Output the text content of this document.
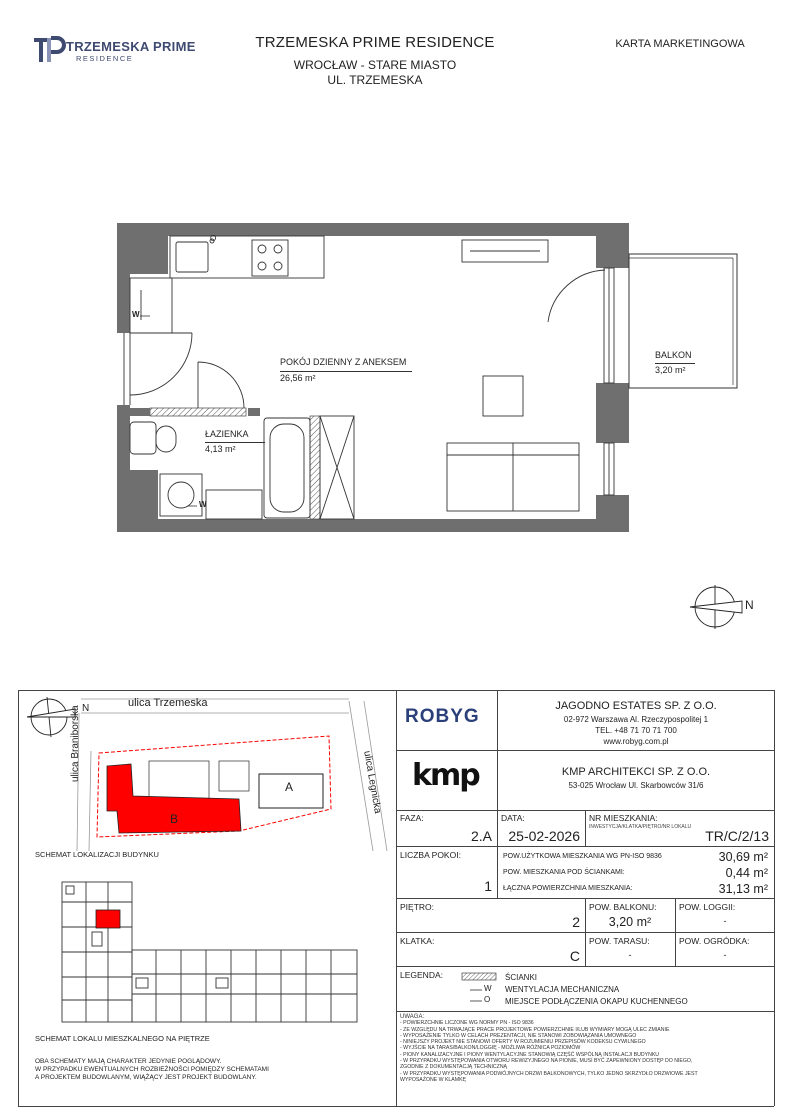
TRZEMESKA PRIME
RESIDENCE
TRZEMESKA PRIME RESIDENCE
WROCŁAW - STARE MIASTO
UL. TRZEMESKA
KARTA MARKETINGOWA
POKÓJ DZIENNY Z ANEKSEM
26,56 m²
ŁAZIENKA
4,13 m²
BALKON
3,20 m²
W
W
O
N
ulica Trzemeska
ulica Braniborska
ulica Legnicka
A
B
N
SCHEMAT LOKALIZACJI BUDYNKU
SCHEMAT LOKALU MIESZKALNEGO NA PIĘTRZE
OBA SCHEMATY MAJĄ CHARAKTER JEDYNIE POGLĄDOWY.
W PRZYPADKU EWENTUALNYCH ROZBIEŻNOŚCI POMIĘDZY SCHEMATAMI
A PROJEKTEM BUDOWLANYM, WIĄŻĄCY JEST PROJEKT BUDOWLANY.
ROBYG	JAGODNO ESTATES SP. Z O.O.
02-972 Warszawa Al. Rzeczypospolitej 1
TEL. +48 71 70 71 700
www.robyg.com.pl
kmp	KMP ARCHITEKCI SP. Z O.O.
53-025 Wrocław Ul. Skarbowców 31/6
FAZA:
2.A
DATA:
25-02-2026
NR MIESZKANIA:
INWESTYCJA/KLATKA/PIĘTRO/NR LOKALU
TR/C/2/13
LICZBA POKOI:
1
POW.UŻYTKOWA MIESZKANIA WG PN-ISO 9836	30,69 m²
POW. MIESZKANIA POD ŚCIANKAMI:	0,44 m²
ŁĄCZNA POWIERZCHNIA MIESZKANIA:	31,13 m²
PIĘTRO:
2
POW. BALKONU:
3,20 m²
POW. LOGGII:
-
KLATKA:
C
POW. TARASU:
-
POW. OGRÓDKA:
-
LEGENDA:	ŚCIANKI
W WENTYLACJA MECHANICZNA
O MIEJSCE PODŁĄCZENIA OKAPU KUCHENNEGO
UWAGA:
- POWIERZCHNIE LICZONE WG NORMY PN - ISO 9836
- ZE WZGLĘDU NA TRWAJĄCE PRACE PROJEKTOWE POWIERZCHNIE I/LUB WYMIARY MOGĄ ULEC ZMIANIE
- WYPOSAŻENIE TYLKO W CELACH PREZENTACJI, NIE STANOWI ZOBOWIĄZANIA UMOWNEGO
- NINIEJSZY PROJEKT NIE STANOWI OFERTY W ROZUMIENIU PRZEPISÓW KODEKSU CYWILNEGO
- WYJŚCIE NA TARAS/BALKON/LOGGIĘ - MOŻLIWA RÓŻNICA POZIOMÓW
- PIONY KANALIZACYJNE I PIONY WENTYLACYJNE STANOWIĄ CZĘŚĆ WSPÓLNĄ INSTALACJI BUDYNKU
- W PRZYPADKU WYSTĘPOWANIA OTWORU REWIZYJNEGO NA PIONIE, MUSI BYĆ ZAPEWNIONY DOSTĘP DO NIEGO,
ZGODNIE Z DOKUMENTACJĄ TECHNICZNĄ
- W PRZYPADKU WYSTĘPOWANIA PODWÓJNYCH DRZWI BALKONOWYCH, TYLKO JEDNO SKRZYDŁO DRZWIOWE JEST
WYPOSAŻONE W KLAMKĘ
